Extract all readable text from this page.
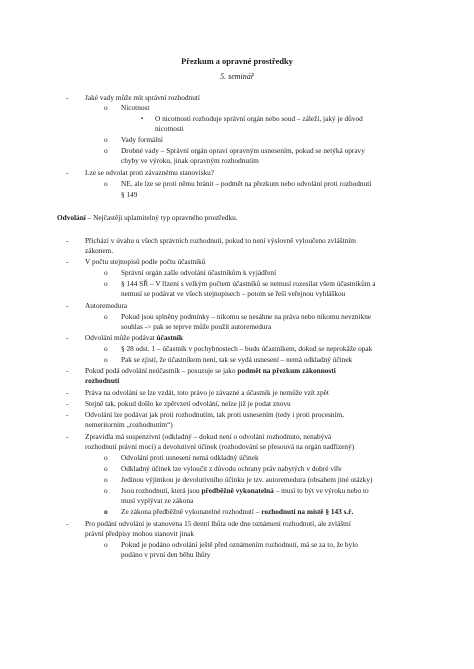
Přezkum a opravné prostředky
5. seminář
- Jaké vady může mít správní rozhodnutí
o Nicotnost
▪ O nicotnosti rozhoduje správní orgán nebo soud – záleží, jaký je důvod
nicotnosti
o Vady formální
o Drobné vady – Správní orgán opraví opravným usnesením, pokud se netýká opravy
chyby ve výroku, jinak opravným rozhodnutím
- Lze se odvolat proti závaznému stanovisku?
o NE, ale lze se proti němu bránit – podmět na přezkum nebo odvolání proti rozhodnutí
§ 149
Odvolání – Nejčastěji uplatnitelný typ opravného prostředku.
- Přichází v úvahu u všech správních rozhodnutí, pokud to není výslovně vyloučeno zvláštním
zákonem.
- V počtu stejnopisů podle počtu účastníků
o Správní orgán zašle odvolání účastníkům k vyjádření
o § 144 SŘ – V řízení s velkým počtem účastníků se nemusí rozesílat všem účastníkům a
nemusí se podávat ve všech stejnopisech – potom se řeší veřejnou vyhláškou
- Autoremedura
o Pokud jsou splněny podmínky – nikomu se nesáhne na práva nebo nikomu nevznikne
souhlas -> pak se teprve může použít autoremedura
- Odvolání může podávat účastník
o § 28 odst. 1 – účastník v pochybnostech – budu účastníkem, dokud se neprokáže opak
o Pak se zjistí, že účastníkem není, tak se vydá usnesení – nemá odkladný účinek
- Pokud podá odvolání neúčastník – posuzuje se jako podmět na přezkum zákonnosti
rozhodnutí
- Práva na odvolání se lze vzdát, toto právo je závazné a účastník je nemůže vzít zpět
- Stejně tak, pokud došlo ke zpětvzetí odvolání, nelze již je podat znovu
- Odvolání lze podávat jak proti rozhodnutím, tak proti usnesením (tedy i proti procesním,
nemeritorním „rozhodnutím“)
- Zpravidla má suspenzivní (odkladný – dokud není o odvolání rozhodnuto, nenabývá
rozhodnutí právní moci) a devolutivní účinek (rozhodování se přesouvá na orgán nadřízený)
o Odvolání proti usnesení nemá odkladný účinek
o Odkladný účinek lze vyloučit z důvodu ochrany práv nabytých v dobré víře
o Jedinou výjimkou je devolutivního účinku je tzv. autoremedura (obsahem jiné otázky)
o Jsou rozhodnutí, která jsou předběžně vykonatelná – musí to být ve výroku nebo to
musí vyplývat ze zákona
o Ze zákona předběžně vykonatelné rozhodnutí – rozhodnutí na místě § 143 s.ř.
- Pro podání odvolání je stanovena 15 denní lhůta ode dne oznámení rozhodnutí, ale zvláštní
právní předpisy mohou stanovit jinak
o Pokud je podáno odvolání ještě před oznámením rozhodnutí, má se za to, že bylo
podáno v první den běhu lhůty
